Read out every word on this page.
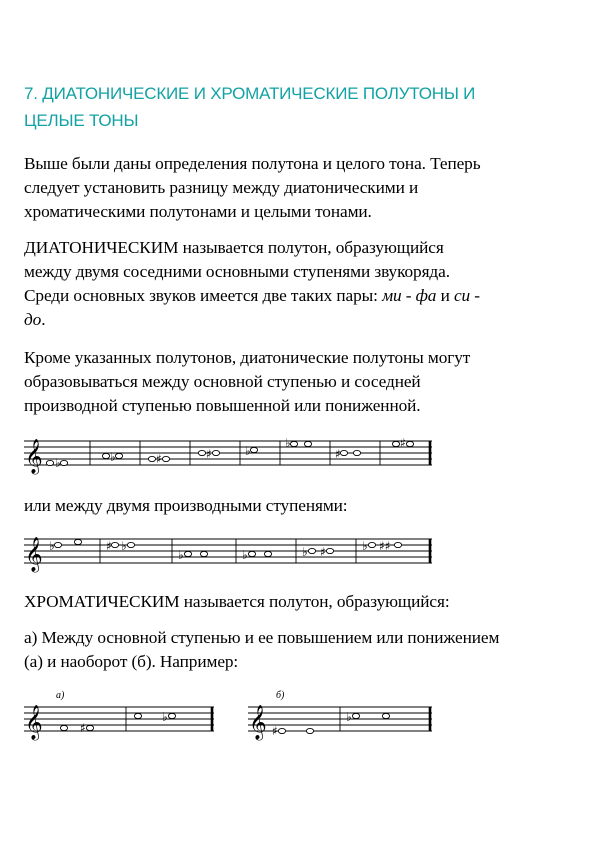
7. ДИАТОНИЧЕСКИЕ И ХРОМАТИЧЕСКИЕ ПОЛУТОНЫ И
ЦЕЛЫЕ ТОНЫ
Выше были даны определения полутона и целого тона. Теперь
следует установить разницу между диатоническими и
хроматическими полутонами и целыми тонами.
ДИАТОНИЧЕСКИМ называется полутон, образующийся
между двумя соседними основными ступенями звукоряда.
Среди основных звуков имеется две таких пары: ми - фа и си -
до.
Кроме указанных полутонов, диатонические полутоны могут
образовываться между основной ступенью и соседней
производной ступенью повышенной или пониженной.
𝄞 ♭	♭	♯	♯	♭
♭
♯
♯
или между двумя производными ступенями:
𝄞 ♭	♯ ♭
♭	♭	♭ ♯	♭ ♯♯
ХРОМАТИЧЕСКИМ называется полутон, образующийся:
а) Между основной ступенью и ее повышением или понижением
(а) и наоборот (б). Например:
а)
𝄞	♯
♭
б)
𝄞 ♯
♭
